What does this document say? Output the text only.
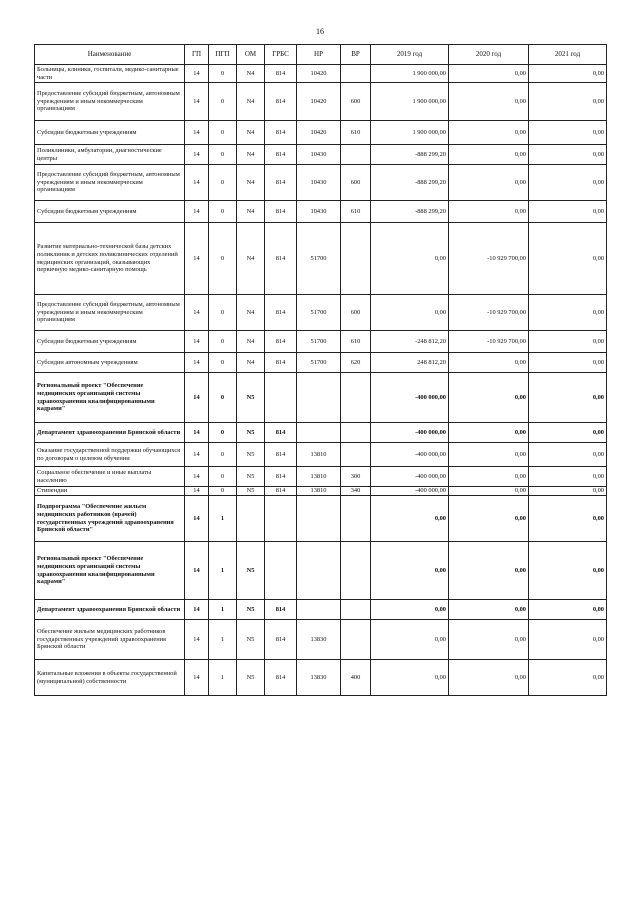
16
Наименование	ГП	ПГП	ОМ	ГРБС	НР	ВР	2019 год	2020 год	2021 год
Больницы, клиники, госпитали, медико-санитарные части	14	0	N4	814	10420		1 900 000,00	0,00	0,00
Предоставление субсидий бюджетным, автономным учреждениям и иным некоммерческим организациям	14	0	N4	814	10420	600	1 900 000,00	0,00	0,00
Субсидии бюджетным учреждениям	14	0	N4	814	10420	610	1 900 000,00	0,00	0,00
Поликлиники, амбулатории, диагностические центры	14	0	N4	814	10430		-888 299,20	0,00	0,00
Предоставление субсидий бюджетным, автономным учреждениям и иным некоммерческим организациям	14	0	N4	814	10430	600	-888 299,20	0,00	0,00
Субсидии бюджетным учреждениям	14	0	N4	814	10430	610	-888 299,20	0,00	0,00
Развитие материально-технической базы детских поликлиник и детских поликлинических отделений медицинских организаций, оказывающих первичную медико-санитарную помощь	14	0	N4	814	51700		0,00	-10 929 700,00	0,00
Предоставление субсидий бюджетным, автономным учреждениям и иным некоммерческим организациям	14	0	N4	814	51700	600	0,00	-10 929 700,00	0,00
Субсидии бюджетным учреждениям	14	0	N4	814	51700	610	-248 812,20	-10 929 700,00	0,00
Субсидии автономным учреждениям	14	0	N4	814	51700	620	248 812,20	0,00	0,00
Региональный проект "Обеспечение медицинских организаций системы здравоохранения квалифицированными кадрами"	14	0	N5				-400 000,00	0,00	0,00
Департамент здравоохранения Брянской области	14	0	N5	814			-400 000,00	0,00	0,00
Оказание государственной поддержки обучающихся по договорам о целевом обучении	14	0	N5	814	13810		-400 000,00	0,00	0,00
Социальное обеспечение и иные выплаты населению	14	0	N5	814	13810	300	-400 000,00	0,00	0,00
Стипендии	14	0	N5	814	13810	340	-400 000,00	0,00	0,00
Подпрограмма "Обеспечение жильем медицинских работников (врачей) государственных учреждений здравоохранения Брянской области"	14	1					0,00	0,00	0,00
Региональный проект "Обеспечение медицинских организаций системы здравоохранения квалифицированными кадрами"	14	1	N5				0,00	0,00	0,00
Департамент здравоохранения Брянской области	14	1	N5	814			0,00	0,00	0,00
Обеспечение жильем медицинских работников государственных учреждений здравоохранения Брянской области	14	1	N5	814	13830		0,00	0,00	0,00
Капитальные вложения в объекты государственной (муниципальной) собственности	14	1	N5	814	13830	400	0,00	0,00	0,00
